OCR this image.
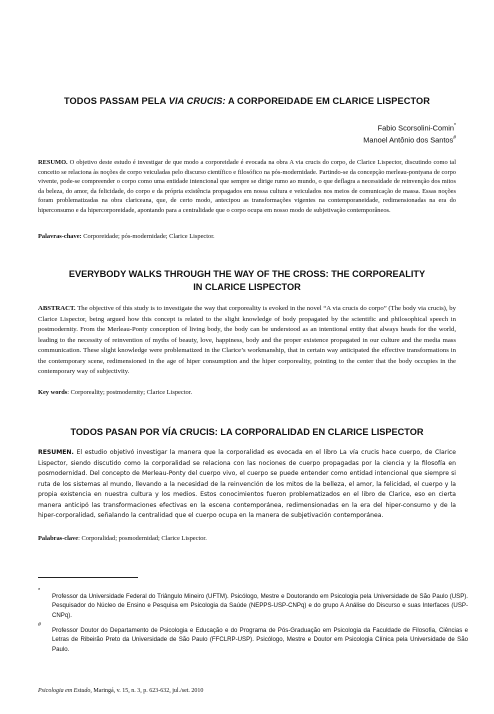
TODOS PASSAM PELA VIA CRUCIS: A CORPOREIDADE EM CLARICE LISPECTOR
Fabio Scorsolini-Comin*
Manoel Antônio dos Santos#
RESUMO. O objetivo deste estudo é investigar de que modo a corporeidade é evocada na obra A via crucis do corpo, de Clarice Lispector, discutindo como tal conceito se relaciona às noções de corpo veiculadas pelo discurso científico e filosófico na pós-modernidade. Partindo-se da concepção merleau-pontyana de corpo vivente, pode-se compreender o corpo como uma entidade intencional que sempre se dirige rumo ao mundo, o que deflagra a necessidade de reinvenção dos mitos da beleza, do amor, da felicidade, do corpo e da própria existência propagados em nossa cultura e veiculados nos meios de comunicação de massa. Essas noções foram problematizadas na obra clariceana, que, de certo modo, antecipou as transformações vigentes na contemporaneidade, redimensionadas na era do hiperconsumo e da hipercorporeidade, apontando para a centralidade que o corpo ocupa em nosso modo de subjetivação contemporâneos.
Palavras-chave: Corporeidade; pós-modernidade; Clarice Lispector.
EVERYBODY WALKS THROUGH THE WAY OF THE CROSS: THE CORPOREALITY
IN CLARICE LISPECTOR
ABSTRACT. The objective of this study is to investigate the way that corporeality is evoked in the novel “A via crucis do corpo” (The body via crucis), by Clarice Lispector, being argued how this concept is related to the slight knowledge of body propagated by the scientific and philosophical speech in postmodernity. From the Merleau-Ponty conception of living body, the body can be understood as an intentional entity that always heads for the world, leading to the necessity of reinvention of myths of beauty, love, happiness, body and the proper existence propagated in our culture and the media mass communication. These slight knowledge were problematized in the Clarice’s workmanship, that in certain way anticipated the effective transformations in the contemporary scene, redimensioned in the age of hiper consumption and the hiper corporeality, pointing to the center that the body occupies in the contemporary way of subjectivity.
Key words: Corporeality; postmodernity; Clarice Lispector.
TODOS PASAN POR VÍA CRUCIS: LA CORPORALIDAD EN CLARICE LISPECTOR
RESUMEN. El estudio objetivó investigar la manera que la corporalidad es evocada en el libro La vía crucis hace cuerpo, de Clarice Lispector, siendo discutido como la corporalidad se relaciona con las nociones de cuerpo propagadas por la ciencia y la filosofía en posmodernidad. Del concepto de Merleau-Ponty del cuerpo vivo, el cuerpo se puede entender como entidad intencional que siempre si ruta de los sistemas al mundo, llevando a la necesidad de la reinvención de los mitos de la belleza, el amor, la felicidad, el cuerpo y la propia existencia en nuestra cultura y los medios. Estos conocimientos fueron problematizados en el libro de Clarice, eso en cierta manera anticipó las transformaciones efectivas en la escena contemporánea, redimensionadas en la era del hiper-consumo y de la hiper-corporalidad, señalando la centralidad que el cuerpo ocupa en la manera de subjetivación contemporánea.
Palabras-clave: Corporalidad; posmodernidad; Clarice Lispector.
*
Professor da Universidade Federal do Triângulo Mineiro (UFTM). Psicólogo, Mestre e Doutorando em Psicologia pela Universidade de São Paulo (USP). Pesquisador do Núcleo de Ensino e Pesquisa em Psicologia da Saúde (NEPPS-USP-CNPq) e do grupo A Análise do Discurso e suas Interfaces (USP-CNPq).
#
Professor Doutor do Departamento de Psicologia e Educação e do Programa de Pós-Graduação em Psicologia da Faculdade de Filosofia, Ciências e Letras de Ribeirão Preto da Universidade de São Paulo (FFCLRP-USP). Psicólogo, Mestre e Doutor em Psicologia Clínica pela Universidade de São Paulo.
Psicologia em Estudo, Maringá, v. 15, n. 3, p. 623-632, jul./set. 2010
